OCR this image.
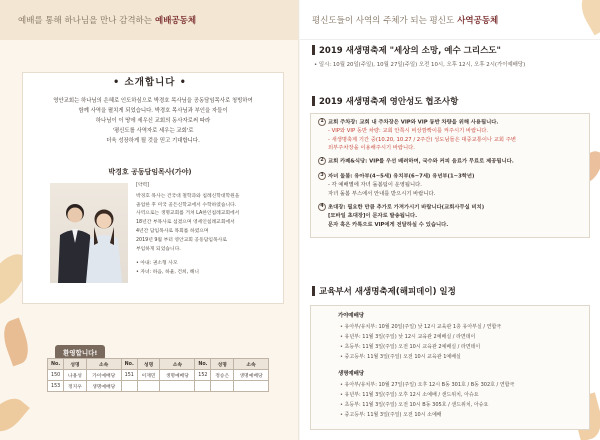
예배를 통해 하나님을 만나 감격하는 예배공동체
• 소개합니다 •
영안교회는 하나님의 은혜로 인도하심으로 박경호 목사님을 공동담임목사로 청빙하여
함께 사역을 펼치게 되었습니다. 박경호 목사님과 부인을 자들이
하나님이 이 땅에 세우신 교회의 동사자로써 따라
'평신도를 사역자로 세우는 교회'로
더욱 성장하게 될 것을 믿고 기대합니다.
박경호 공동담임목사(가야)
[약력]
박경호 목사는 건국대 철학과와 침례신학대학원을
졸업한 후 미국 골든신학교에서 수학하였습니다.
사역으로는 생명교회를 거쳐 LA한인침례교회에서
18년간 부목사로 섬겼으며 영세인침례교회에서
4년간 담임목사로 목회를 하였으며
2019년 9월 부터 영안교회 공동담임목사로
부임하게 되었습니다.
• 아내: 권소형 사모
• 자녀: 하음, 하율, 건희, 해니
환영합니다!
No.	성명	소속	No.	성명	소속	No.	성명	소속
150	나용성	가이예배당	151	이재민	생명예배당	152	정승은	생명예배당
153	정지우	생명예배당						
평신도들이 사역의 주체가 되는 평신도 사역공동체
2019 새생명축제 "세상의 소망, 예수 그리스도"
• 일시: 10월 20일(주일), 10월 27일(주일) 오전 10시, 오후 12시, 오후 2시(가이예배당)
2019 새생명축제 영안성도 협조사항
1 교회 주차장: 교회 내 주차장은 VIP와 VIP 동반 차량을 위해 사용됩니다.
- VIP와 VIP 동반 차량: 교회 안쪽시 비상깜빡이를 켜주시기 바랍니다.
- 새생명축제 기간 중(10.20, 10.27 / 2주간) 성도님들은 대중교통이나 교회 주변
외부주차장을 이용해주시기 바랍니다.
2 교회 카페&식당: VIP를 우선 배려하며, 국수와 커피 음료가 무료로 제공됩니다.
3 자녀 돌봄: 유아부(4~5세) 유치부(6~7세) 유년부(1~3학년)
- 각 예배별에 자녀 돌봄팀이 운영됩니다.
자녀 돌봄 부스에서 안내를 받으시기 바랍니다.
4 초대장: 필요한 만큼 추가로 가져가시기 바랍니다(교회사무실 비치)
[모바일 초대장]이 문자로 발송됩니다.
문자 혹은 카톡으로 VIP에게 전달하실 수 있습니다.
교육부서 새생명축제(해피데이) 일정
가야예배당
• 유아부/유치부: 10월 20일(주일) 낮 12시 교육관 1층 유아부실 / 연합극
• 유년부: 11월 3일(주일) 낮 12시 교육관 2예배실 / 라면데이
• 초등부: 11월 3일(주일) 오전 10시 교육관 2예배실 / 라면데이
• 중고등부: 11월 3일(주일) 오전 10시 교육관 1예배실
생명예배당
• 유아부/유치부: 10월 27일(주일) 오후 12시 B동 301호 / B동 302호 / 연합극
• 유년부: 11월 3일(주일) 오후 12시 소예배 / 샌드위치, 아슈요
• 초등부: 11월 3일(주일) 오전 10시 B동 305호 / 샌드위치, 아슈요
• 중고등부: 11월 3일(주일) 오전 10시 소예배
